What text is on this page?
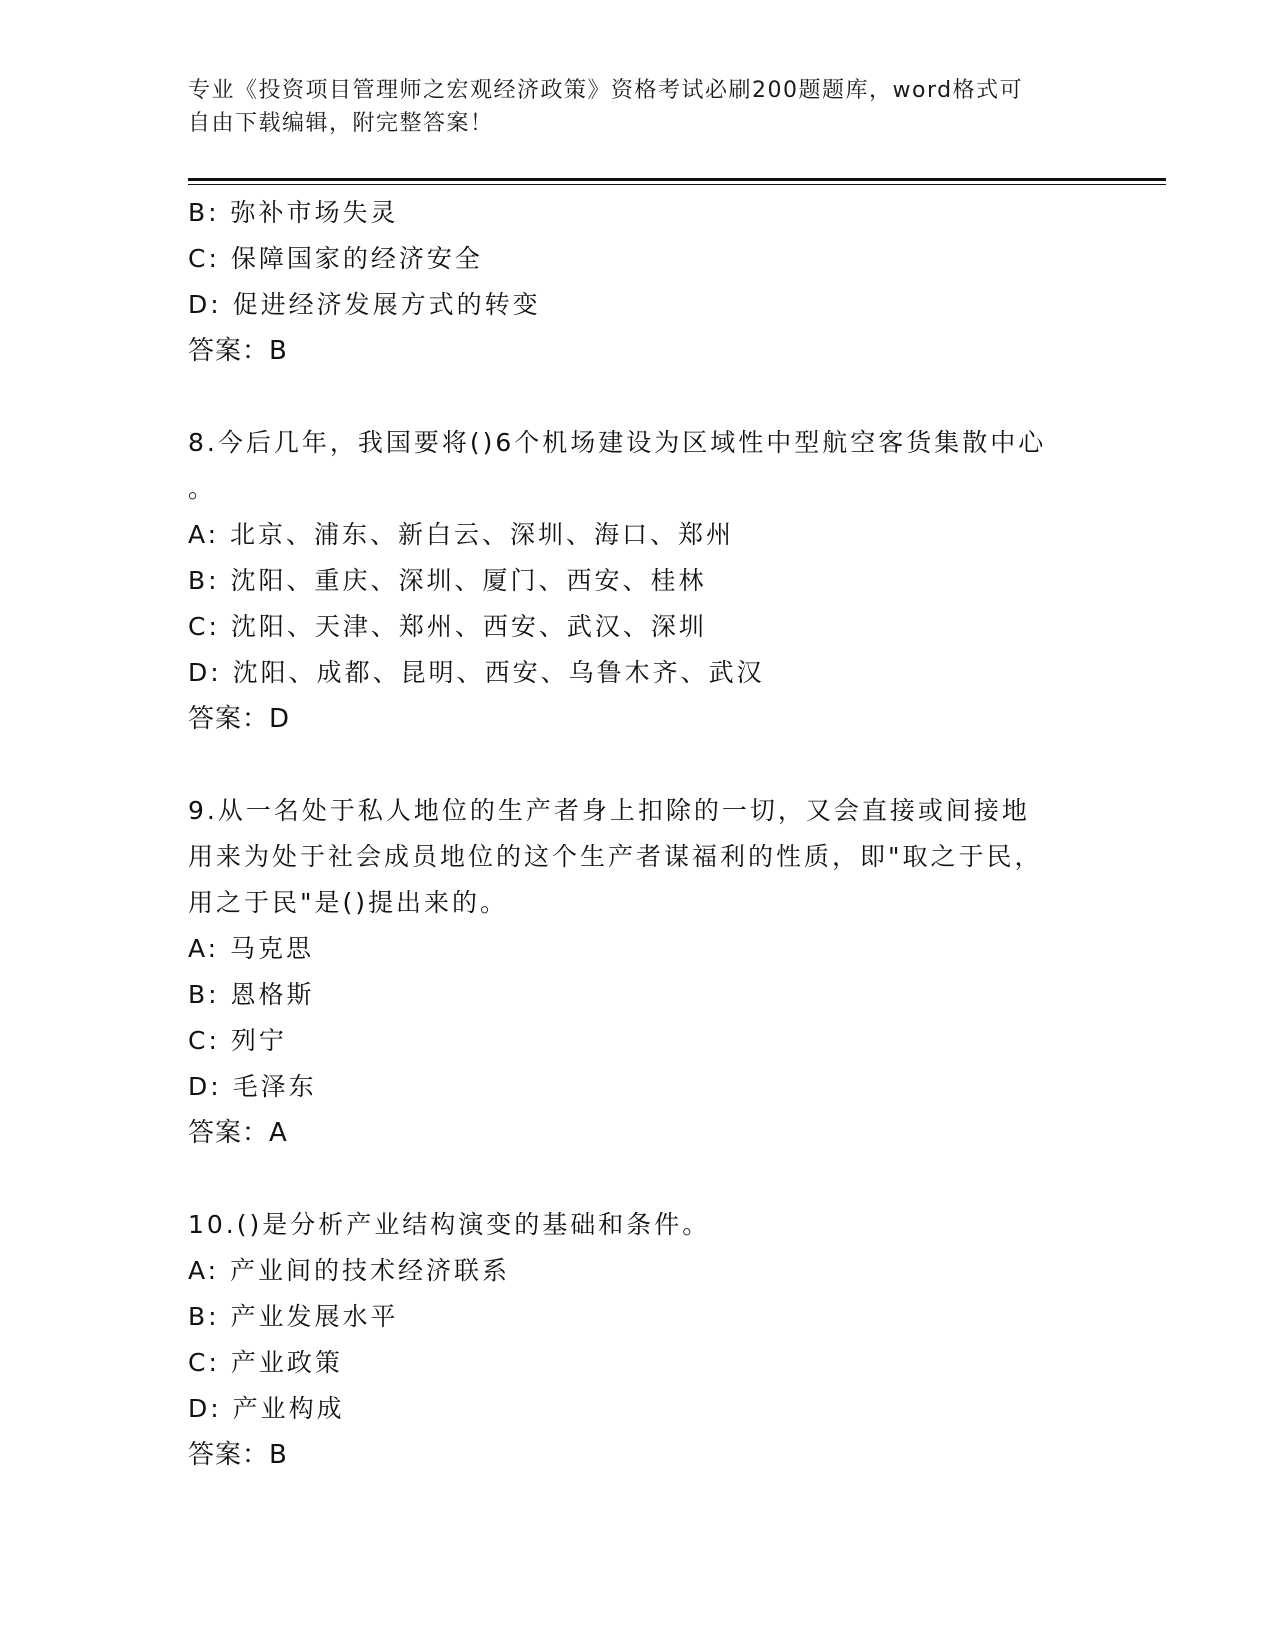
专业《投资项目管理师之宏观经济政策》资格考试必刷200题题库，word格式可
自由下载编辑，附完整答案！
B: 弥补市场失灵
C: 保障国家的经济安全
D: 促进经济发展方式的转变
答案：B
8.今后几年，我国要将()6个机场建设为区域性中型航空客货集散中心
。
A: 北京、浦东、新白云、深圳、海口、郑州
B: 沈阳、重庆、深圳、厦门、西安、桂林
C: 沈阳、天津、郑州、西安、武汉、深圳
D: 沈阳、成都、昆明、西安、乌鲁木齐、武汉
答案：D
9.从一名处于私人地位的生产者身上扣除的一切，又会直接或间接地
用来为处于社会成员地位的这个生产者谋福利的性质，即"取之于民，
用之于民"是()提出来的。
A: 马克思
B: 恩格斯
C: 列宁
D: 毛泽东
答案：A
10.()是分析产业结构演变的基础和条件。
A: 产业间的技术经济联系
B: 产业发展水平
C: 产业政策
D: 产业构成
答案：B
